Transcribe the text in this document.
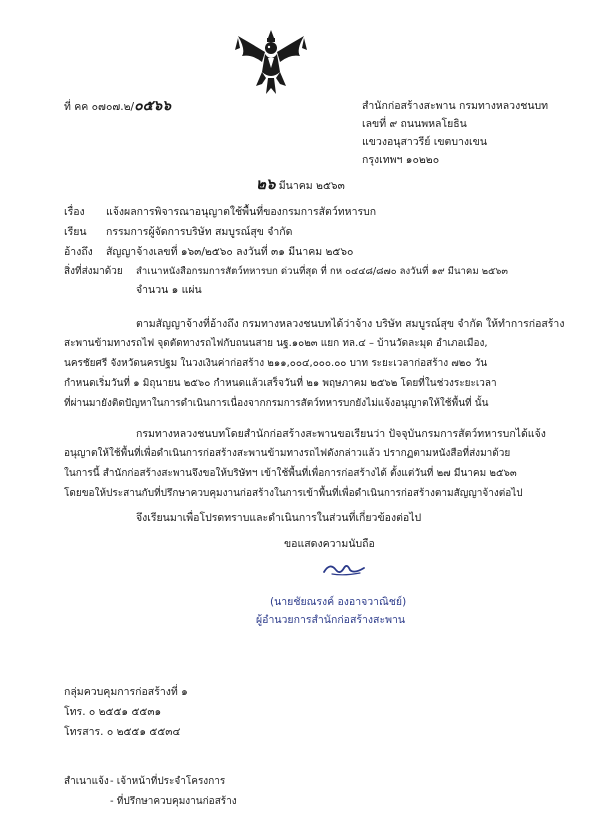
ที่ คค ๐๗๐๗.๒/๐๕๖๖	สำนักก่อสร้างสะพาน กรมทางหลวงชนบท
เลขที่ ๙ ถนนพหลโยธิน
แขวงอนุสาวรีย์ เขตบางเขน
กรุงเทพฯ ๑๐๒๒๐
๒๖ มีนาคม ๒๕๖๓
เรื่อง แจ้งผลการพิจารณาอนุญาตใช้พื้นที่ของกรมการสัตว์ทหารบก
เรียน กรรมการผู้จัดการบริษัท สมบูรณ์สุข จำกัด
อ้างถึง สัญญาจ้างเลขที่ ๑๖๓/๒๕๖๐ ลงวันที่ ๓๑ มีนาคม ๒๕๖๐
สิ่งที่ส่งมาด้วย สำเนาหนังสือกรมการสัตว์ทหารบก ด่วนที่สุด ที่ กห ๐๔๔๘/๘๗๐ ลงวันที่ ๑๙ มีนาคม ๒๕๖๓
จำนวน ๑ แผ่น
ตามสัญญาจ้างที่อ้างถึง กรมทางหลวงชนบทได้ว่าจ้าง บริษัท สมบูรณ์สุข จำกัด ให้ทำการก่อสร้าง
สะพานข้ามทางรถไฟ จุดตัดทางรถไฟกับถนนสาย นฐ.๑๐๒๓ แยก ทล.๔ – บ้านวัดละมุด อำเภอเมือง,
นครชัยศรี จังหวัดนครปฐม ในวงเงินค่าก่อสร้าง ๒๑๑,๐๐๔,๐๐๐.๐๐ บาท ระยะเวลาก่อสร้าง ๗๒๐ วัน
กำหนดเริ่มวันที่ ๑ มิถุนายน ๒๕๖๐ กำหนดแล้วเสร็จวันที่ ๒๑ พฤษภาคม ๒๕๖๒ โดยที่ในช่วงระยะเวลา
ที่ผ่านมายังติดปัญหาในการดำเนินการเนื่องจากกรมการสัตว์ทหารบกยังไม่แจ้งอนุญาตให้ใช้พื้นที่ นั้น
กรมทางหลวงชนบทโดยสำนักก่อสร้างสะพานขอเรียนว่า ปัจจุบันกรมการสัตว์ทหารบกได้แจ้ง
อนุญาตให้ใช้พื้นที่เพื่อดำเนินการก่อสร้างสะพานข้ามทางรถไฟดังกล่าวแล้ว ปรากฏตามหนังสือที่ส่งมาด้วย
ในการนี้ สำนักก่อสร้างสะพานจึงขอให้บริษัทฯ เข้าใช้พื้นที่เพื่อการก่อสร้างได้ ตั้งแต่วันที่ ๒๗ มีนาคม ๒๕๖๓
โดยขอให้ประสานกับที่ปรึกษาควบคุมงานก่อสร้างในการเข้าพื้นที่เพื่อดำเนินการก่อสร้างตามสัญญาจ้างต่อไป
จึงเรียนมาเพื่อโปรดทราบและดำเนินการในส่วนที่เกี่ยวข้องต่อไป
ขอแสดงความนับถือ
(นายชัยณรงค์ องอาจวาณิชย์)
ผู้อำนวยการสำนักก่อสร้างสะพาน
กลุ่มควบคุมการก่อสร้างที่ ๑
โทร. ๐ ๒๕๕๑ ๕๕๓๑
โทรสาร. ๐ ๒๕๕๑ ๕๕๓๔
สำเนาแจ้ง - เจ้าหน้าที่ประจำโครงการ
- ที่ปรึกษาควบคุมงานก่อสร้าง
